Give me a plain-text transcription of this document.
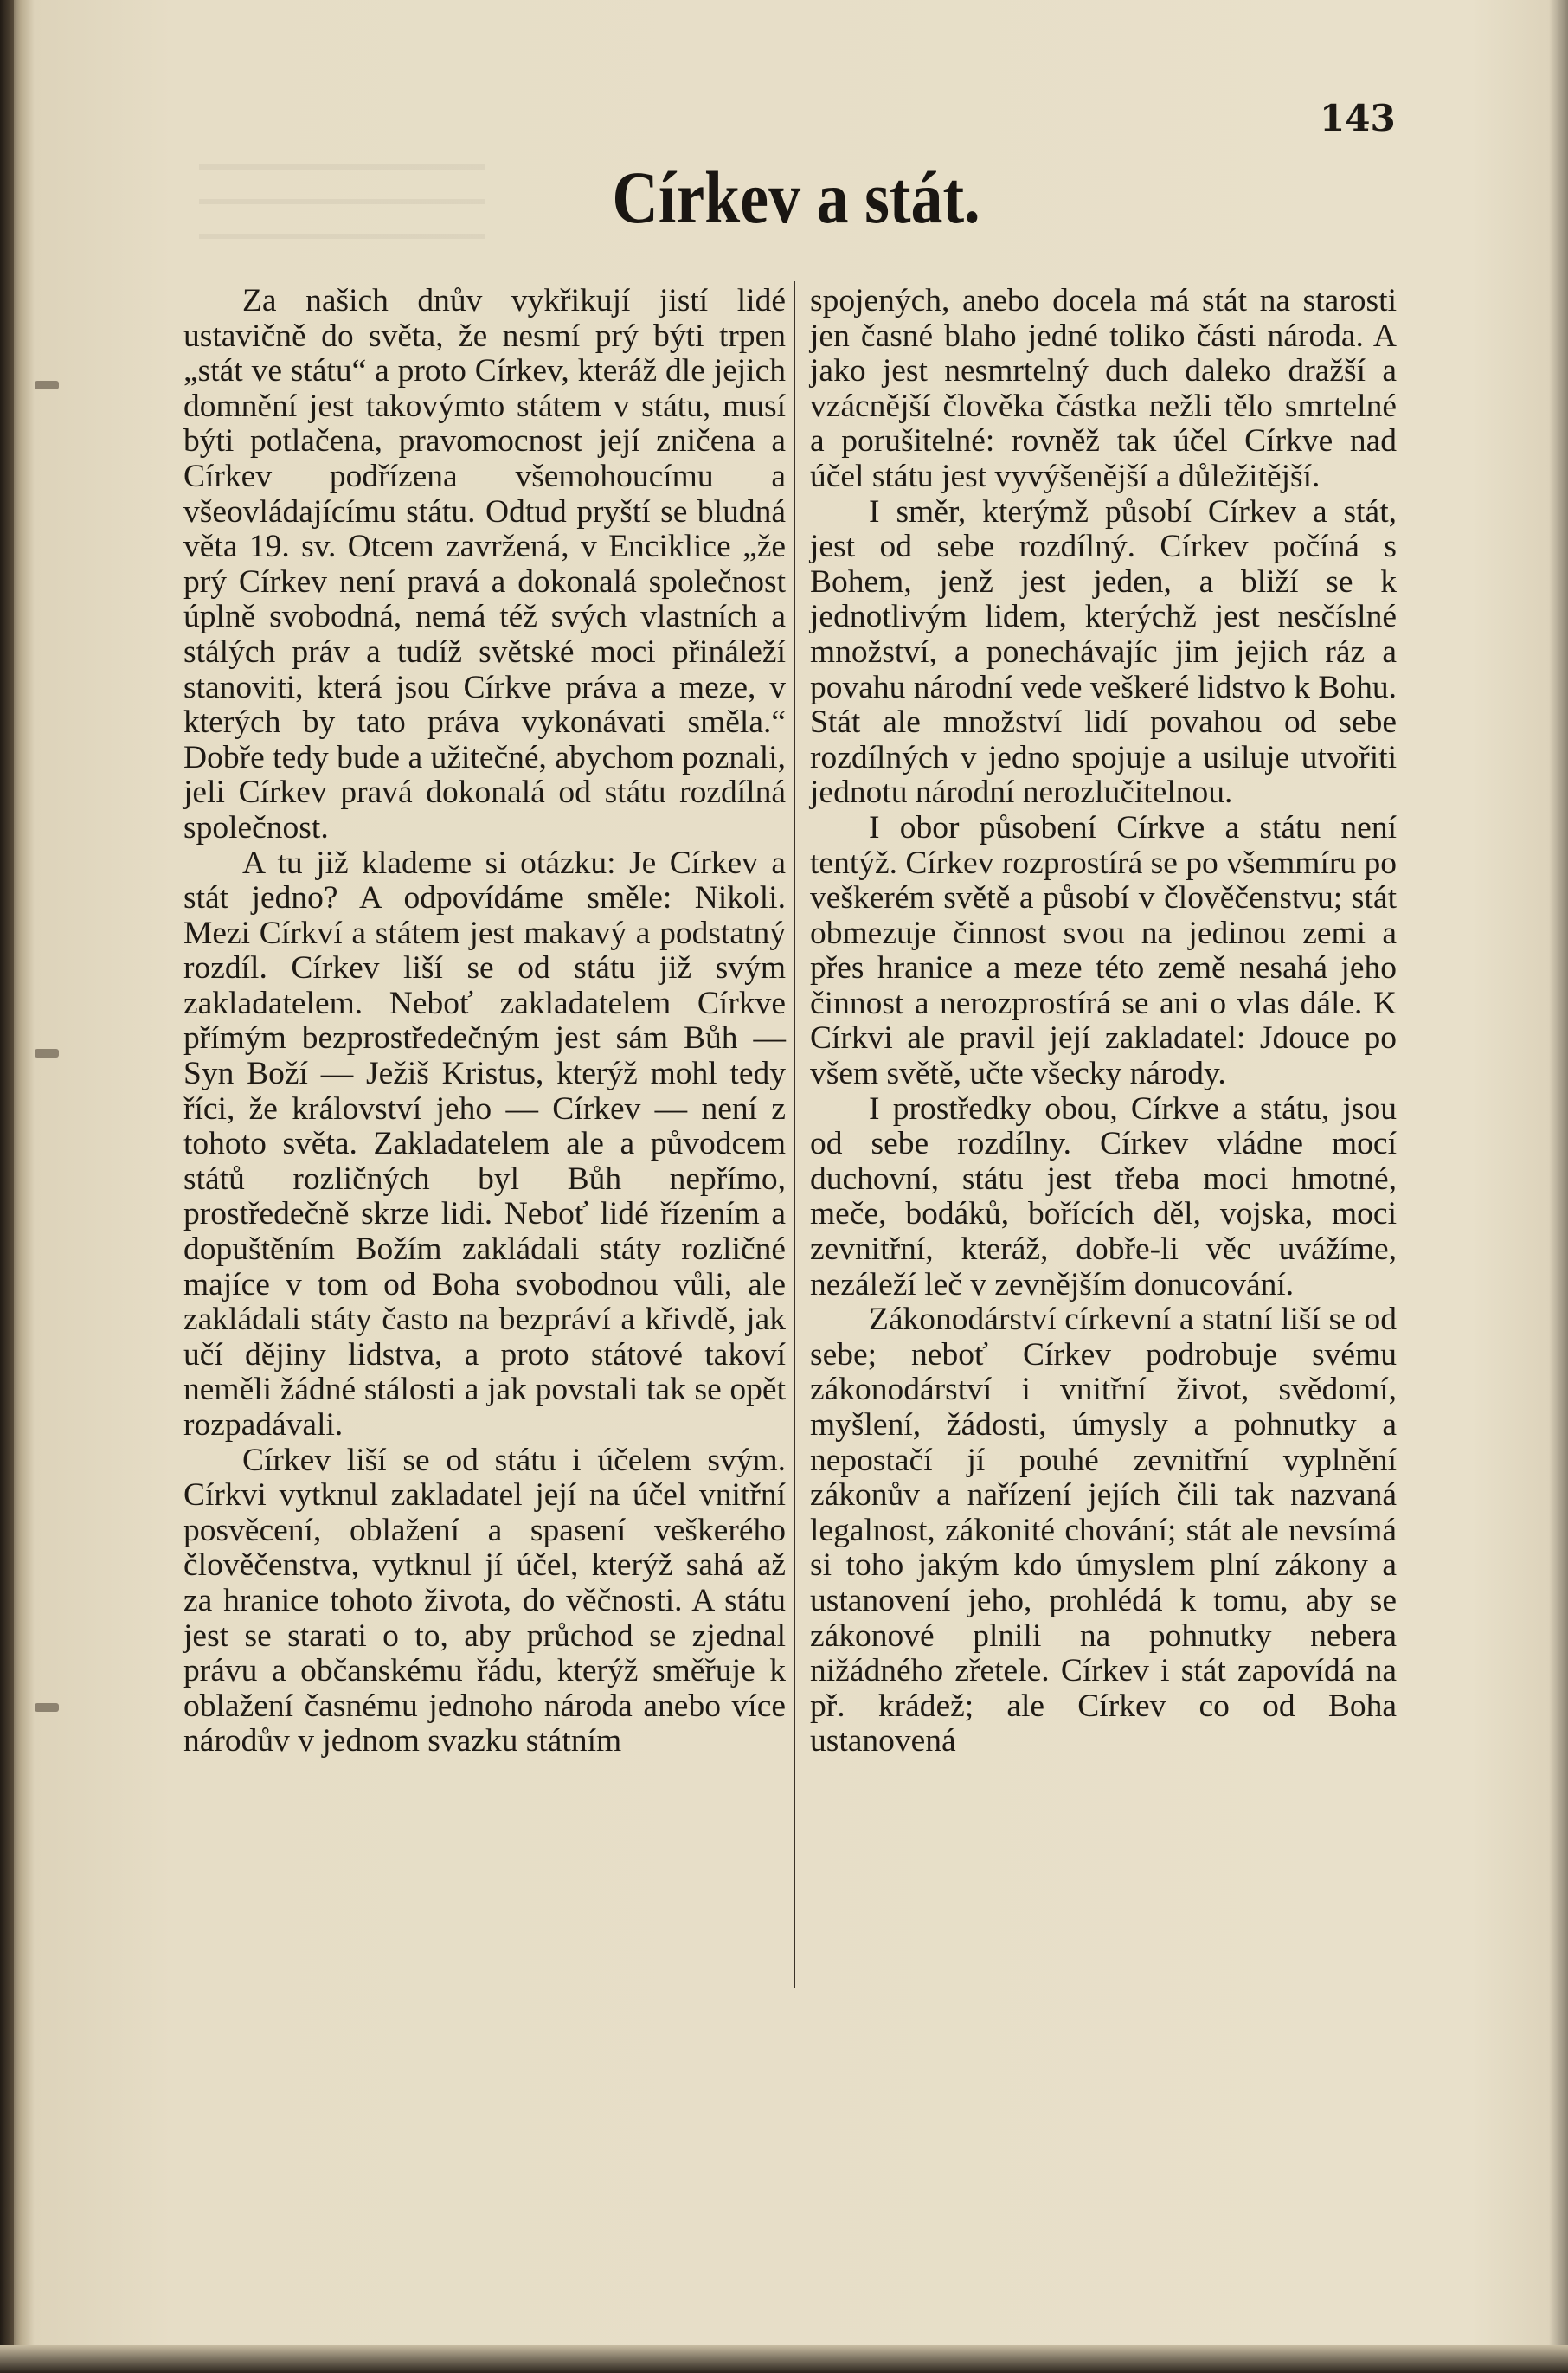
143
Církev a stát.

Za našich dnův vykřikují jistí lidé ustavičně do světa, že nesmí prý býti trpen „stát ve státu“ a proto Církev, kteráž dle jejich domnění jest takovýmto státem v státu, musí býti potlačena, pravomocnost její zničena a Církev podřízena všemohoucímu a všeovládajícímu státu. Odtud pryští se bludná věta 19. sv. Otcem zavržená, v Enciklice „že prý Církev není pravá a dokonalá společnost úplně svobodná, nemá též svých vlastních a stálých práv a tudíž světské moci přináleží stanoviti, která jsou Církve práva a meze, v kterých by tato práva vykonávati směla.“ Dobře tedy bude a užitečné, abychom poznali, jeli Církev pravá dokonalá od státu rozdílná společnost.

A tu již klademe si otázku: Je Církev a stát jedno? A odpovídáme směle: Nikoli. Mezi Církví a státem jest makavý a podstatný rozdíl. Církev liší se od státu již svým zakladatelem. Neboť zakladatelem Církve přímým bezprostředečným jest sám Bůh — Syn Boží — Ježiš Kristus, kterýž mohl tedy říci, že království jeho — Církev — není z tohoto světa. Zakladatelem ale a původcem států rozličných byl Bůh nepřímo, prostředečně skrze lidi. Neboť lidé řízením a dopuštěním Božím zakládali státy rozličné majíce v tom od Boha svobodnou vůli, ale zakládali státy často na bezpráví a křivdě, jak učí dějiny lidstva, a proto státové takoví neměli žádné stálosti a jak povstali tak se opět rozpadávali.

Církev liší se od státu i účelem svým. Církvi vytknul zakladatel její na účel vnitřní posvěcení, oblažení a spasení veškerého člověčenstva, vytknul jí účel, kterýž sahá až za hranice tohoto života, do věčnosti. A státu jest se starati o to, aby průchod se zjednal právu a občanskému řádu, kterýž směřuje k oblažení časnému jednoho národa anebo více národův v jednom svazku státním

spojených, anebo docela má stát na starosti jen časné blaho jedné toliko části národa. A jako jest nesmrtelný duch daleko dražší a vzácnější člověka částka nežli tělo smrtelné a porušitelné: rovněž tak účel Církve nad účel státu jest vyvýšenější a důležitější.

I směr, kterýmž působí Církev a stát, jest od sebe rozdílný. Církev počíná s Bohem, jenž jest jeden, a bliží se k jednotlivým lidem, kterýchž jest nesčíslné množství, a ponechávajíc jim jejich ráz a povahu národní vede veškeré lidstvo k Bohu. Stát ale množství lidí povahou od sebe rozdílných v jedno spojuje a usiluje utvořiti jednotu národní nerozlučitelnou.

I obor působení Církve a státu není tentýž. Církev rozprostírá se po všemmíru po veškerém světě a působí v člověčenstvu; stát obmezuje činnost svou na jedinou zemi a přes hranice a meze této země nesahá jeho činnost a nerozprostírá se ani o vlas dále. K Církvi ale pravil její zakladatel: Jdouce po všem světě, učte všecky národy.

I prostředky obou, Církve a státu, jsou od sebe rozdílny. Církev vládne mocí duchovní, státu jest třeba moci hmotné, meče, bodáků, bořících děl, vojska, moci zevnitřní, kteráž, dobře-li věc uvážíme, nezáleží leč v zevnějším donucování.

Zákonodárství církevní a statní liší se od sebe; neboť Církev podrobuje svému zákonodárství i vnitřní život, svědomí, myšlení, žádosti, úmysly a pohnutky a nepostačí jí pouhé zevnitřní vyplnění zákonův a nařízení jejích čili tak nazvaná legalnost, zákonité chování; stát ale nevsímá si toho jakým kdo úmyslem plní zákony a ustanovení jeho, prohlédá k tomu, aby se zákonové plnili na pohnutky nebera nižádného zřetele. Církev i stát zapovídá na př. krádež; ale Církev co od Boha ustanovená
